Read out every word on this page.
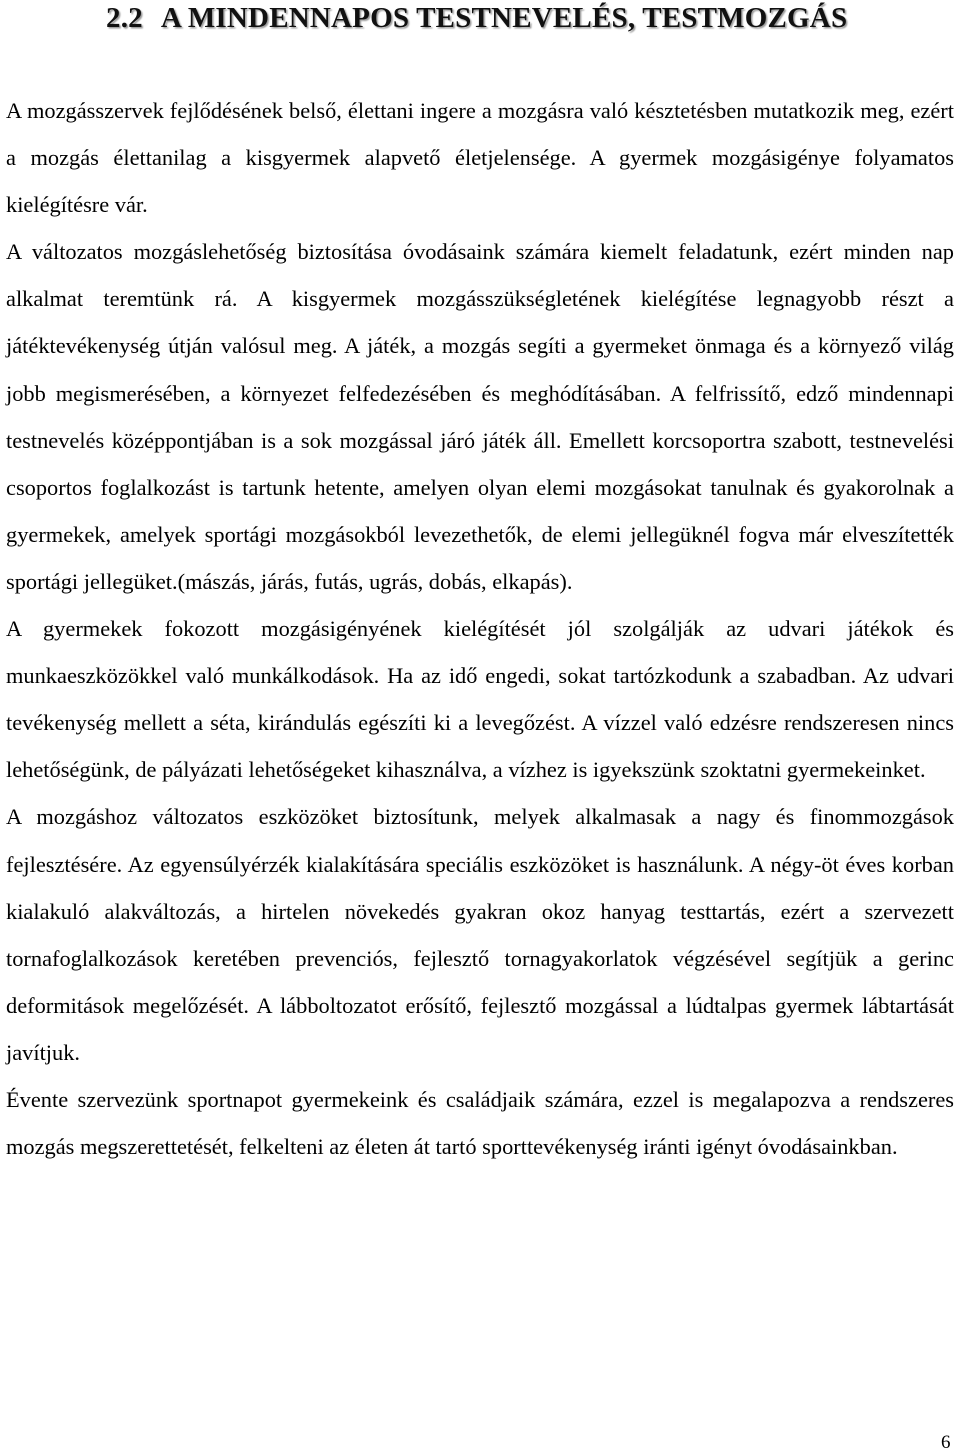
2.2 A MINDENNAPOS TESTNEVELÉS, TESTMOZGÁS

A mozgásszervek fejlődésének belső, élettani ingere a mozgásra való késztetésben mutatkozik meg, ezért a mozgás élettanilag a kisgyermek alapvető életjelensége. A gyermek mozgásigénye folyamatos kielégítésre vár.

A változatos mozgáslehetőség biztosítása óvodásaink számára kiemelt feladatunk, ezért minden nap alkalmat teremtünk rá. A kisgyermek mozgásszükségletének kielégítése legnagyobb részt a játéktevékenység útján valósul meg. A játék, a mozgás segíti a gyermeket önmaga és a környező világ jobb megismerésében, a környezet felfedezésében és meghódításában. A felfrissítő, edző mindennapi testnevelés középpontjában is a sok mozgással járó játék áll. Emellett korcsoportra szabott, testnevelési csoportos foglalkozást is tartunk hetente, amelyen olyan elemi mozgásokat tanulnak és gyakorolnak a gyermekek, amelyek sportági mozgásokból levezethetők, de elemi jellegüknél fogva már elveszítették sportági jellegüket.(mászás, járás, futás, ugrás, dobás, elkapás).

A gyermekek fokozott mozgásigényének kielégítését jól szolgálják az udvari játékok és munkaeszközökkel való munkálkodások. Ha az idő engedi, sokat tartózkodunk a szabadban. Az udvari tevékenység mellett a séta, kirándulás egészíti ki a levegőzést. A vízzel való edzésre rendszeresen nincs lehetőségünk, de pályázati lehetőségeket kihasználva, a vízhez is igyekszünk szoktatni gyermekeinket.

A mozgáshoz változatos eszközöket biztosítunk, melyek alkalmasak a nagy és finommozgások fejlesztésére. Az egyensúlyérzék kialakítására speciális eszközöket is használunk. A négy-öt éves korban kialakuló alakváltozás, a hirtelen növekedés gyakran okoz hanyag testtartás, ezért a szervezett tornafoglalkozások keretében prevenciós, fejlesztő tornagyakorlatok végzésével segítjük a gerinc deformitások megelőzését. A lábboltozatot erősítő, fejlesztő mozgással a lúdtalpas gyermek lábtartását javítjuk.

Évente szervezünk sportnapot gyermekeink és családjaik számára, ezzel is megalapozva a rendszeres mozgás megszerettetését, felkelteni az életen át tartó sporttevékenység iránti igényt óvodásainkban.

6
